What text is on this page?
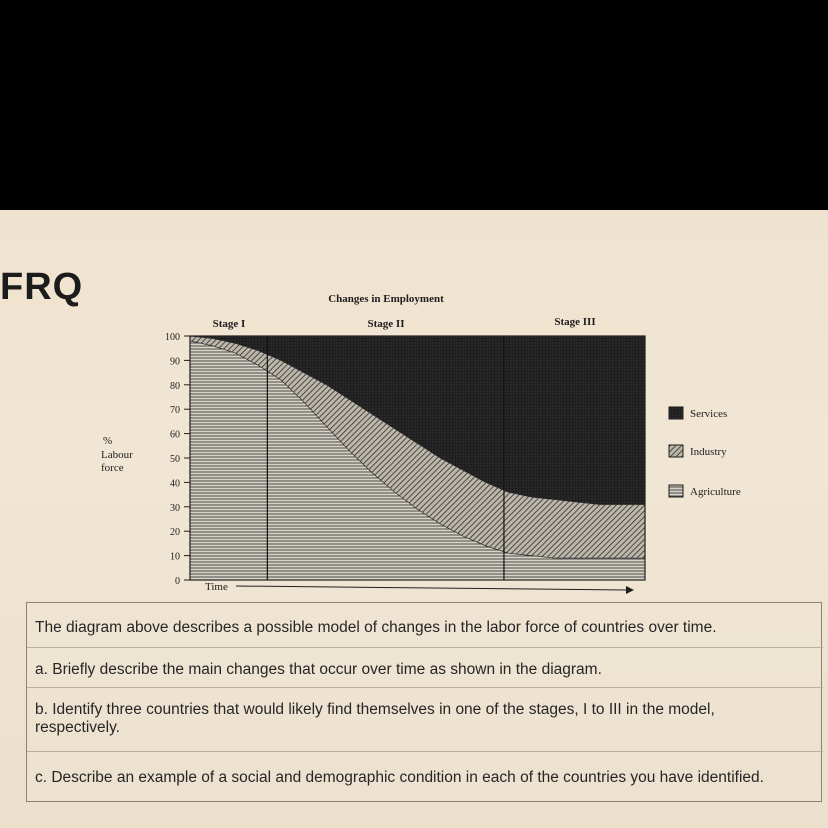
FRQ	Changes in Employment
Stage I	Stage II	Stage III
%
Labour
force
0
10
20
30
40
50
60
70
80
90
100
Time
Services
Industry
Agriculture
The diagram above describes a possible model of changes in the labor force of countries over time.
a. Briefly describe the main changes that occur over time as shown in the diagram.
b. Identify three countries that would likely find themselves in one of the stages, I to III in the model, respectively.
c. Describe an example of a social and demographic condition in each of the countries you have identified.
